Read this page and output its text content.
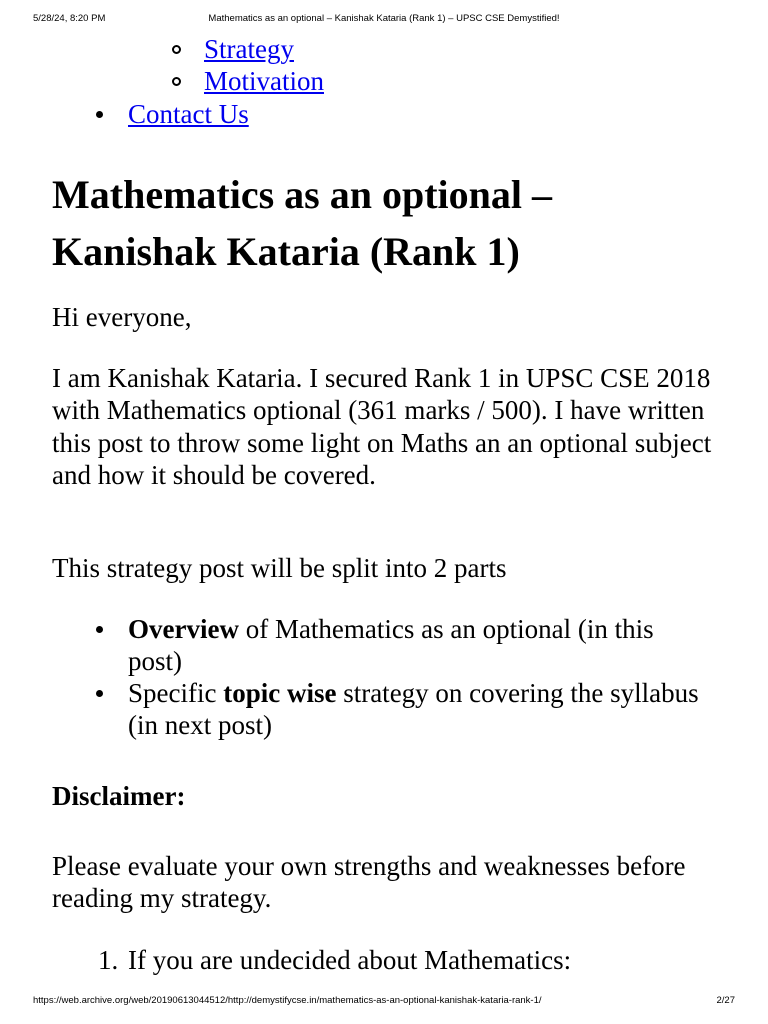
5/28/24, 8:20 PM	Mathematics as an optional – Kanishak Kataria (Rank 1) – UPSC CSE Demystified!
Strategy
Motivation
Contact Us
Mathematics as an optional – Kanishak Kataria (Rank 1)

Hi everyone,

I am Kanishak Kataria. I secured Rank 1 in UPSC CSE 2018 with Mathematics optional (361 marks / 500). I have written this post to throw some light on Maths an an optional subject and how it should be covered.

This strategy post will be split into 2 parts

Overview of Mathematics as an optional (in this post)
Specific topic wise strategy on covering the syllabus (in next post)

Disclaimer:

Please evaluate your own strengths and weaknesses before reading my strategy.

1. If you are undecided about Mathematics:
https://web.archive.org/web/20190613044512/http://demystifycse.in/mathematics-as-an-optional-kanishak-kataria-rank-1/	2/27
